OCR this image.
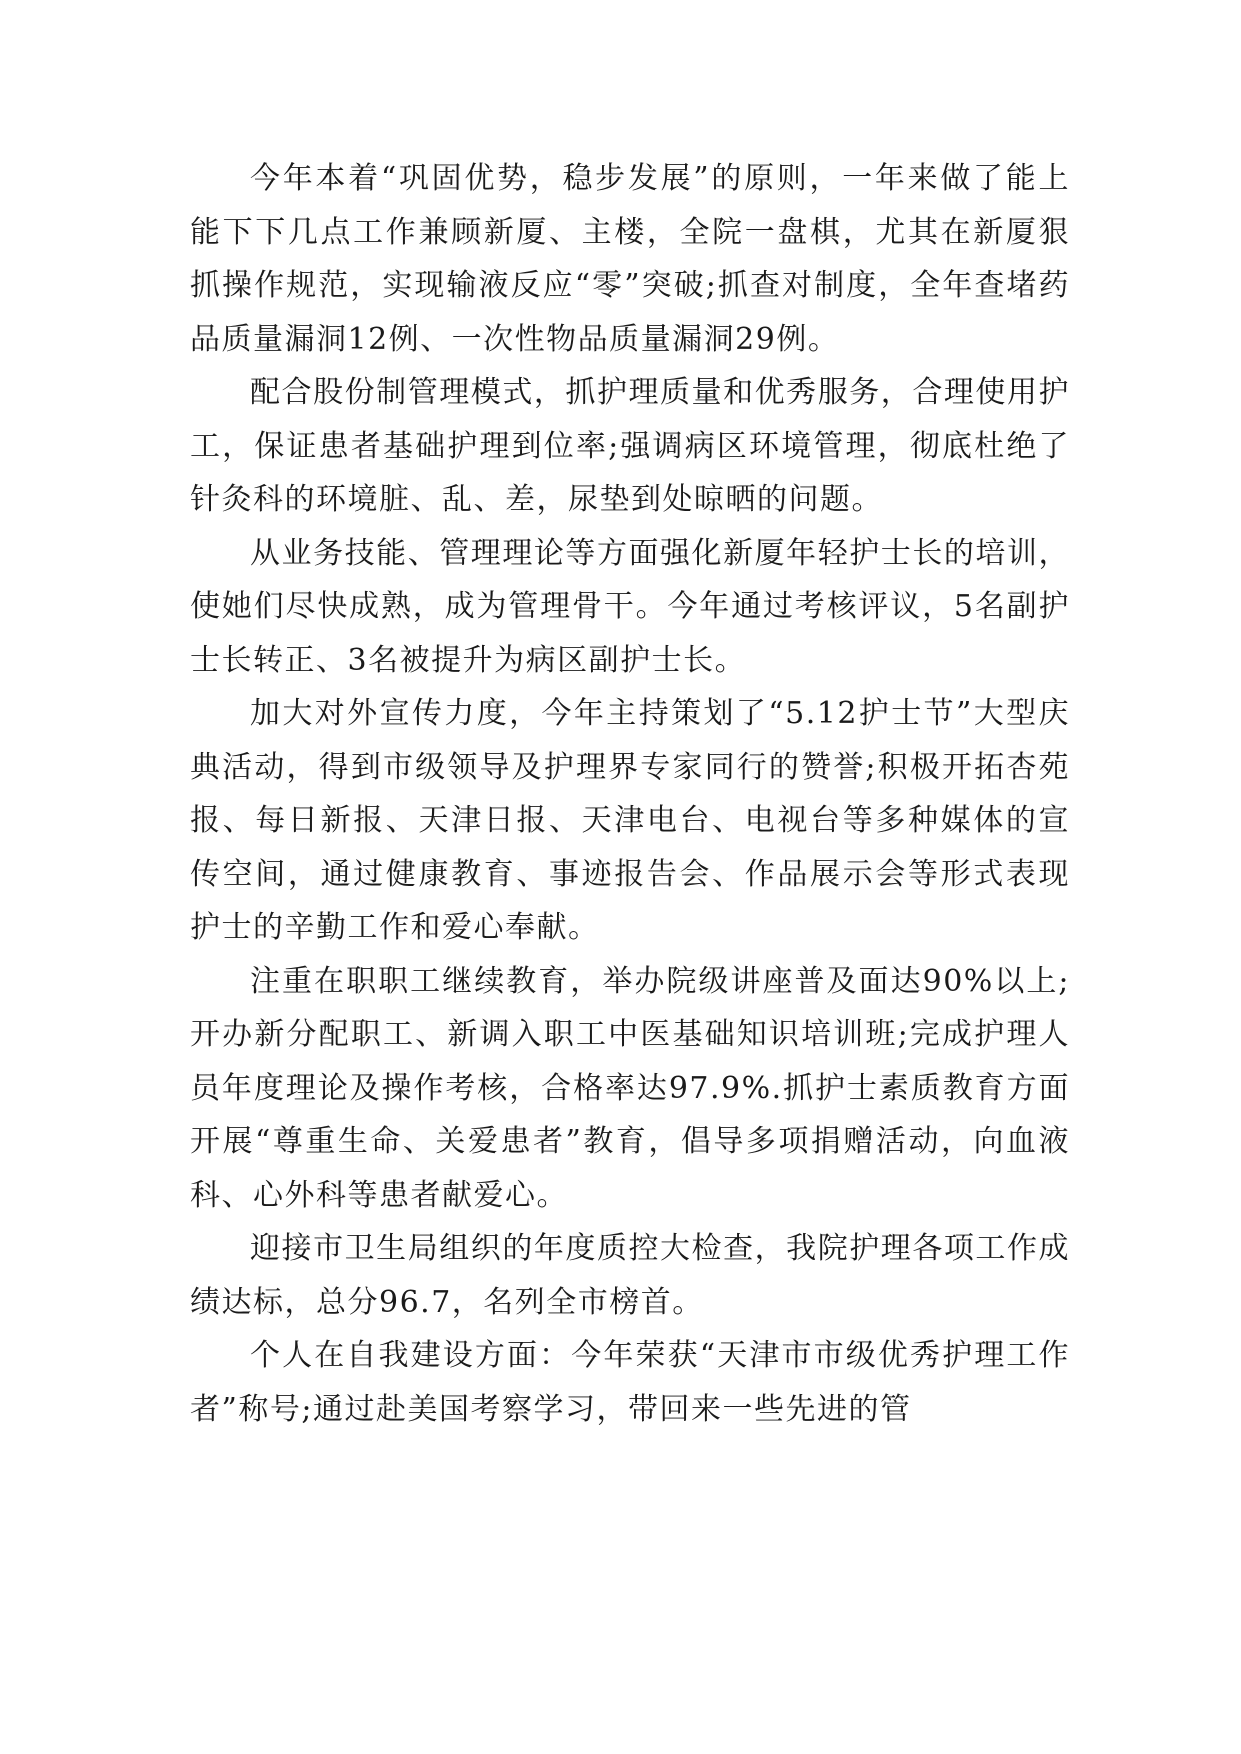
今年本着“巩固优势，稳步发展”的原则，一年来做了能上能下下几点工作兼顾新厦、主楼，全院一盘棋，尤其在新厦狠抓操作规范，实现输液反应“零”突破;抓查对制度，全年查堵药品质量漏洞12例、一次性物品质量漏洞29例。

配合股份制管理模式，抓护理质量和优秀服务，合理使用护工，保证患者基础护理到位率;强调病区环境管理，彻底杜绝了针灸科的环境脏、乱、差，尿垫到处晾晒的问题。

从业务技能、管理理论等方面强化新厦年轻护士长的培训，使她们尽快成熟，成为管理骨干。今年通过考核评议，5名副护士长转正、3名被提升为病区副护士长。

加大对外宣传力度，今年主持策划了“5.12护士节”大型庆典活动，得到市级领导及护理界专家同行的赞誉;积极开拓杏苑报、每日新报、天津日报、天津电台、电视台等多种媒体的宣传空间，通过健康教育、事迹报告会、作品展示会等形式表现护士的辛勤工作和爱心奉献。

注重在职职工继续教育，举办院级讲座普及面达90%以上;开办新分配职工、新调入职工中医基础知识培训班;完成护理人员年度理论及操作考核，合格率达97.9%.抓护士素质教育方面开展“尊重生命、关爱患者”教育，倡导多项捐赠活动，向血液科、心外科等患者献爱心。

迎接市卫生局组织的年度质控大检查，我院护理各项工作成绩达标，总分96.7，名列全市榜首。

个人在自我建设方面：今年荣获“天津市市级优秀护理工作者”称号;通过赴美国考察学习，带回来一些先进的管
